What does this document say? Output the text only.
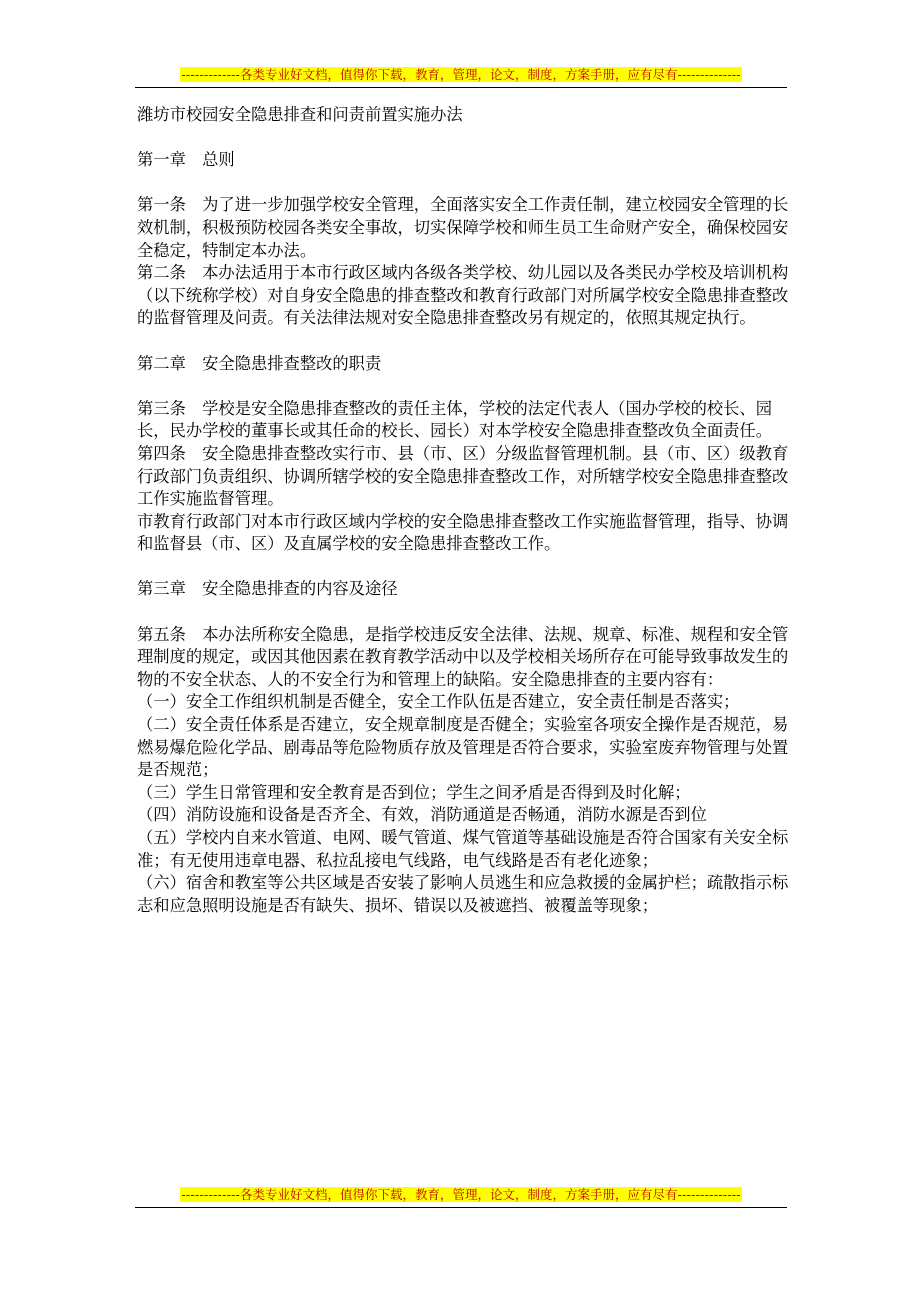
-------------各类专业好文档，值得你下载，教育，管理，论文，制度，方案手册，应有尽有--------------

潍坊市校园安全隐患排查和问责前置实施办法

第一章　总则

第一条　为了进一步加强学校安全管理，全面落实安全工作责任制，建立校园安全管理的长效机制，积极预防校园各类安全事故，切实保障学校和师生员工生命财产安全，确保校园安全稳定，特制定本办法。

第二条　本办法适用于本市行政区域内各级各类学校、幼儿园以及各类民办学校及培训机构（以下统称学校）对自身安全隐患的排查整改和教育行政部门对所属学校安全隐患排查整改的监督管理及问责。有关法律法规对安全隐患排查整改另有规定的，依照其规定执行。

第二章　安全隐患排查整改的职责

第三条　学校是安全隐患排查整改的责任主体，学校的法定代表人（国办学校的校长、园长，民办学校的董事长或其任命的校长、园长）对本学校安全隐患排查整改负全面责任。

第四条　安全隐患排查整改实行市、县（市、区）分级监督管理机制。县（市、区）级教育行政部门负责组织、协调所辖学校的安全隐患排查整改工作，对所辖学校安全隐患排查整改工作实施监督管理。

市教育行政部门对本市行政区域内学校的安全隐患排查整改工作实施监督管理，指导、协调和监督县（市、区）及直属学校的安全隐患排查整改工作。

第三章　安全隐患排查的内容及途径

第五条　本办法所称安全隐患，是指学校违反安全法律、法规、规章、标准、规程和安全管理制度的规定，或因其他因素在教育教学活动中以及学校相关场所存在可能导致事故发生的物的不安全状态、人的不安全行为和管理上的缺陷。安全隐患排查的主要内容有：

（一）安全工作组织机制是否健全，安全工作队伍是否建立，安全责任制是否落实；

（二）安全责任体系是否建立，安全规章制度是否健全；实验室各项安全操作是否规范，易燃易爆危险化学品、剧毒品等危险物质存放及管理是否符合要求，实验室废弃物管理与处置是否规范；

（三）学生日常管理和安全教育是否到位；学生之间矛盾是否得到及时化解；

（四）消防设施和设备是否齐全、有效，消防通道是否畅通，消防水源是否到位

（五）学校内自来水管道、电网、暖气管道、煤气管道等基础设施是否符合国家有关安全标准；有无使用违章电器、私拉乱接电气线路，电气线路是否有老化迹象；

（六）宿舍和教室等公共区域是否安装了影响人员逃生和应急救援的金属护栏；疏散指示标志和应急照明设施是否有缺失、损坏、错误以及被遮挡、被覆盖等现象；

-------------各类专业好文档，值得你下载，教育，管理，论文，制度，方案手册，应有尽有--------------
